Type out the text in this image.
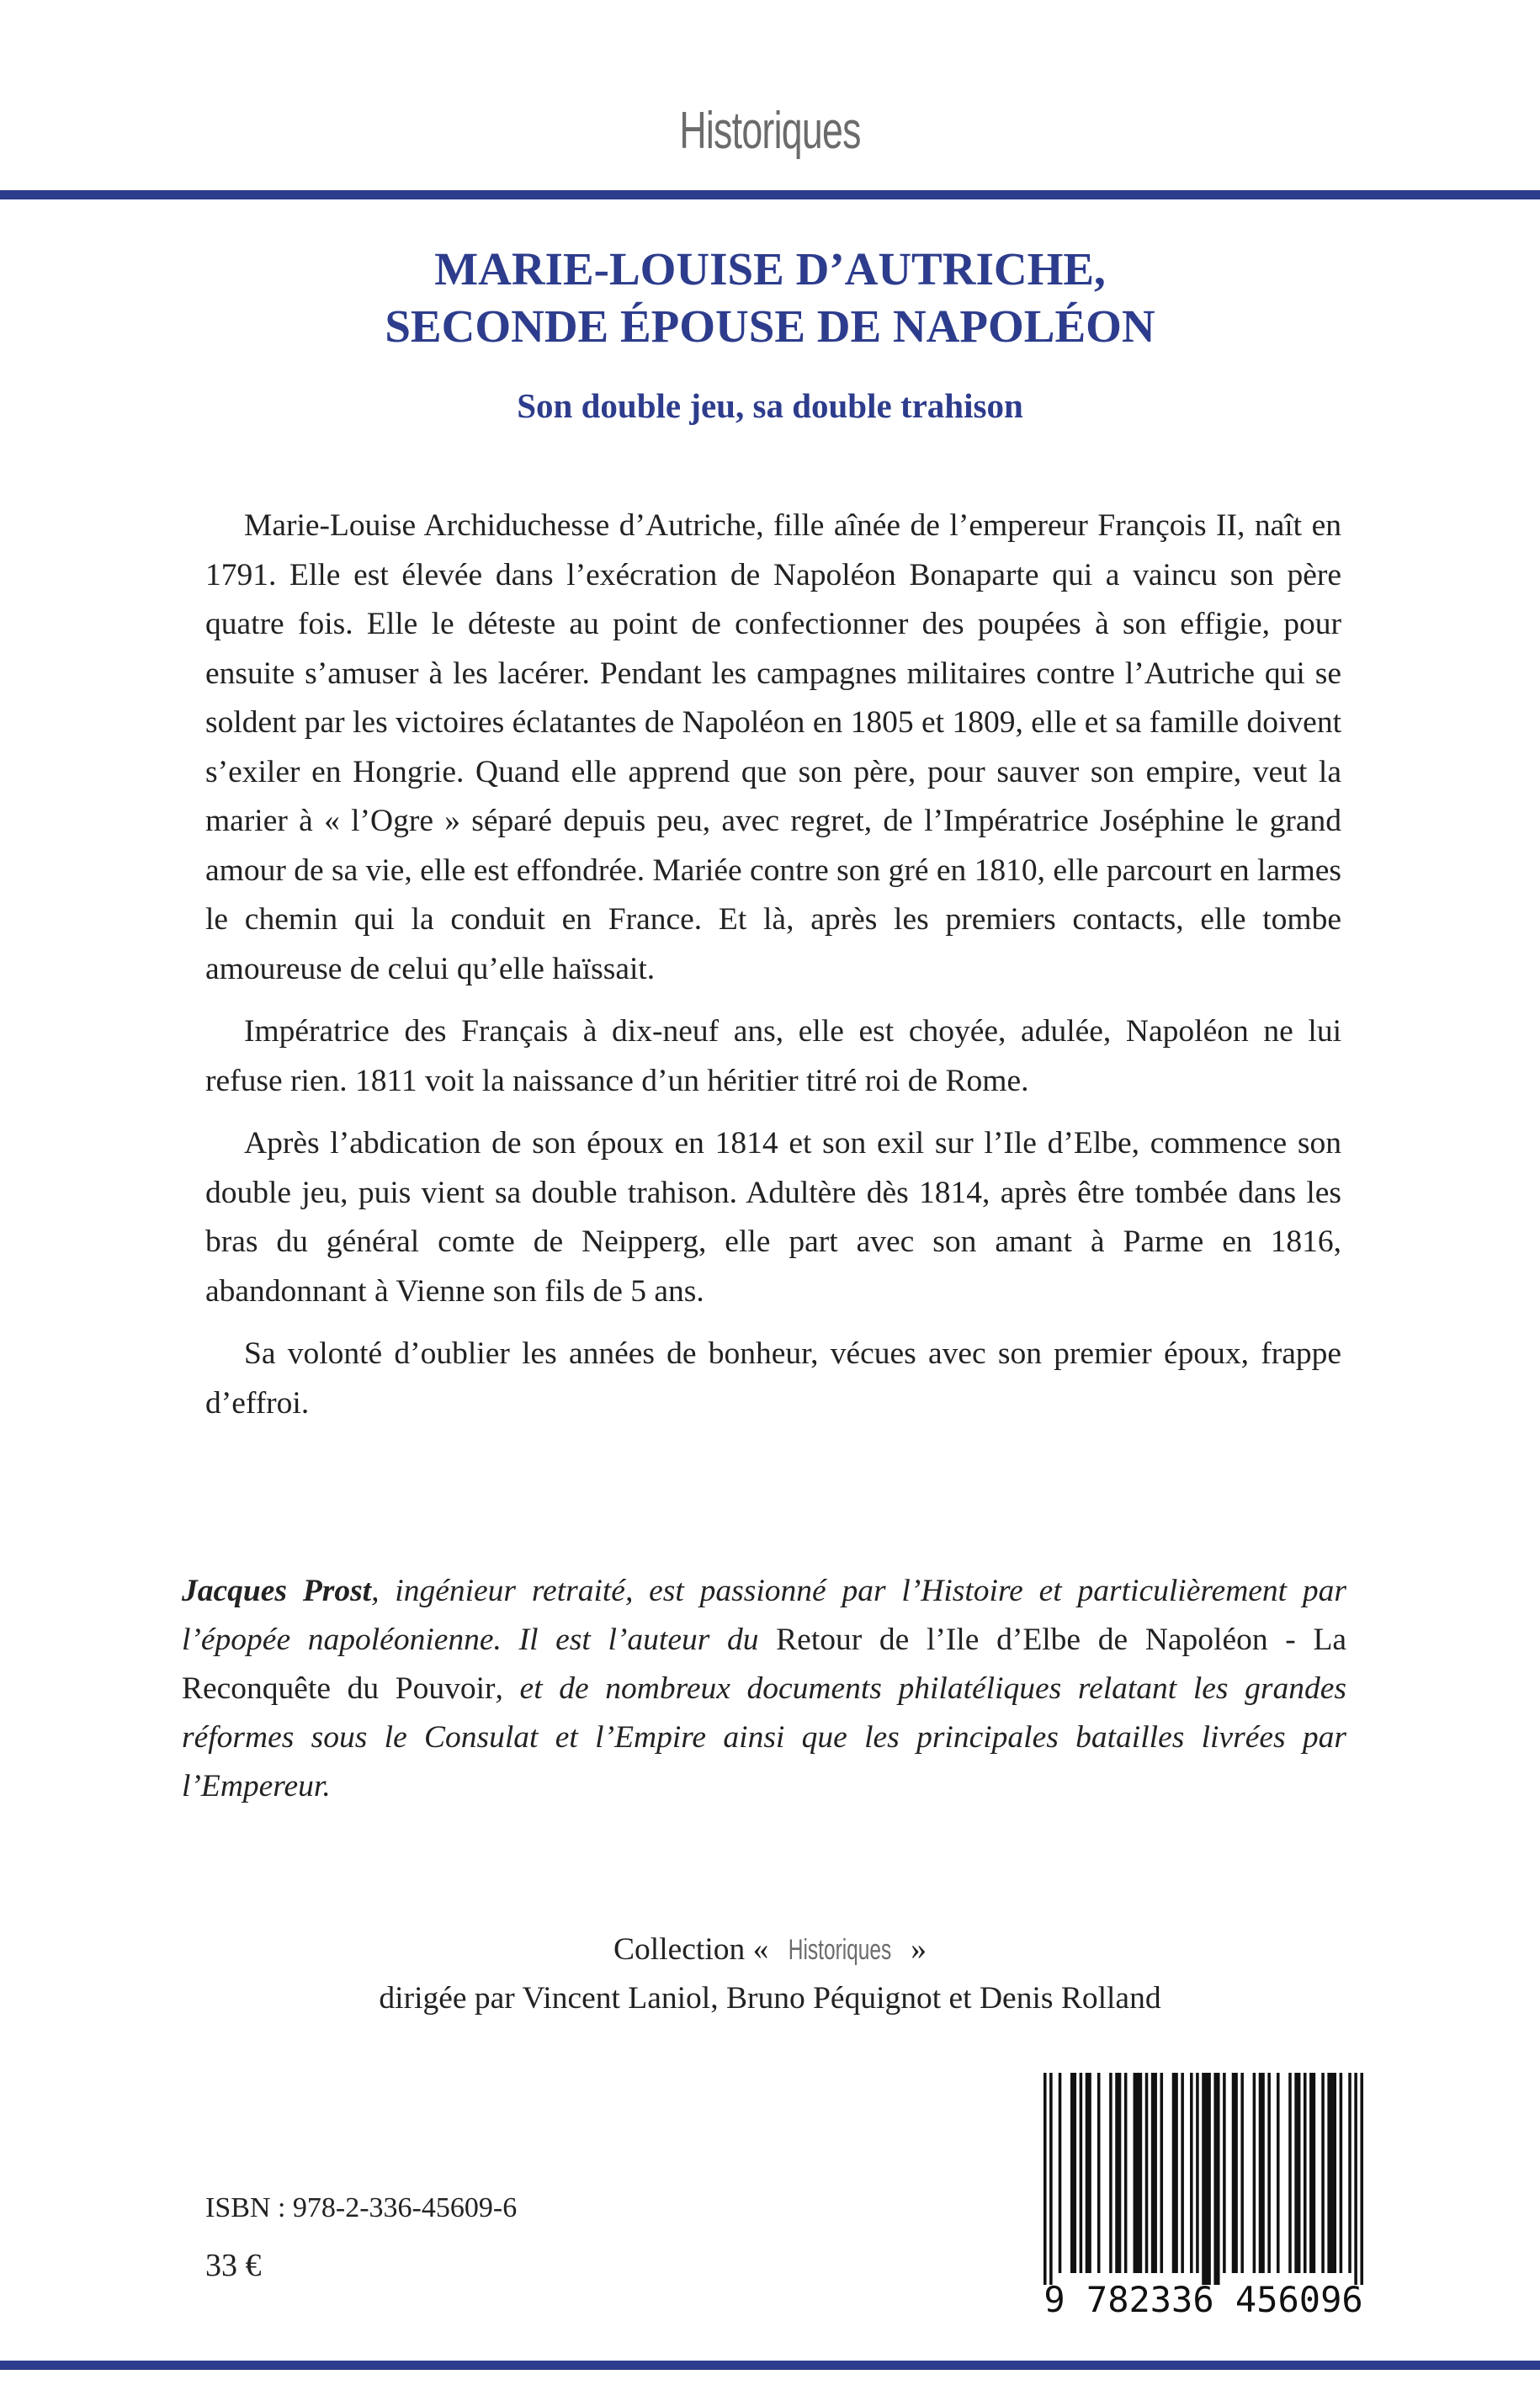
Historiques
MARIE-LOUISE D’AUTRICHE,
SECONDE ÉPOUSE DE NAPOLÉON
Son double jeu, sa double trahison

Marie-Louise Archiduchesse d’Autriche, fille aînée de l’empereur François II, naît en 1791. Elle est élevée dans l’exécration de Napoléon Bonaparte qui a vaincu son père quatre fois. Elle le déteste au point de confectionner des poupées à son effigie, pour ensuite s’amuser à les lacérer. Pendant les campagnes militaires contre l’Autriche qui se soldent par les victoires éclatantes de Napoléon en 1805 et 1809, elle et sa famille doivent s’exiler en Hongrie. Quand elle apprend que son père, pour sauver son empire, veut la marier à « l’Ogre » séparé depuis peu, avec regret, de l’Impératrice Joséphine le grand amour de sa vie, elle est effondrée. Mariée contre son gré en 1810, elle parcourt en larmes le chemin qui la conduit en France. Et là, après les premiers contacts, elle tombe amoureuse de celui qu’elle haïssait.

Impératrice des Français à dix-neuf ans, elle est choyée, adulée, Napoléon ne lui refuse rien. 1811 voit la naissance d’un héritier titré roi de Rome.

Après l’abdication de son époux en 1814 et son exil sur l’Ile d’Elbe, commence son double jeu, puis vient sa double trahison. Adultère dès 1814, après être tombée dans les bras du général comte de Neipperg, elle part avec son amant à Parme en 1816, abandonnant à Vienne son fils de 5 ans.

Sa volonté d’oublier les années de bonheur, vécues avec son premier époux, frappe d’effroi.

Jacques Prost, ingénieur retraité, est passionné par l’Histoire et particulièrement par l’épopée napoléonienne. Il est l’auteur du Retour de l’Ile d’Elbe de Napoléon - La Reconquête du Pouvoir, et de nombreux documents philatéliques relatant les grandes réformes sous le Consulat et l’Empire ainsi que les principales batailles livrées par l’Empereur.

Collection « Historiques »
dirigée par Vincent Laniol, Bruno Péquignot et Denis Rolland
ISBN : 978-2-336-45609-6
33 €
9 782336 456096
